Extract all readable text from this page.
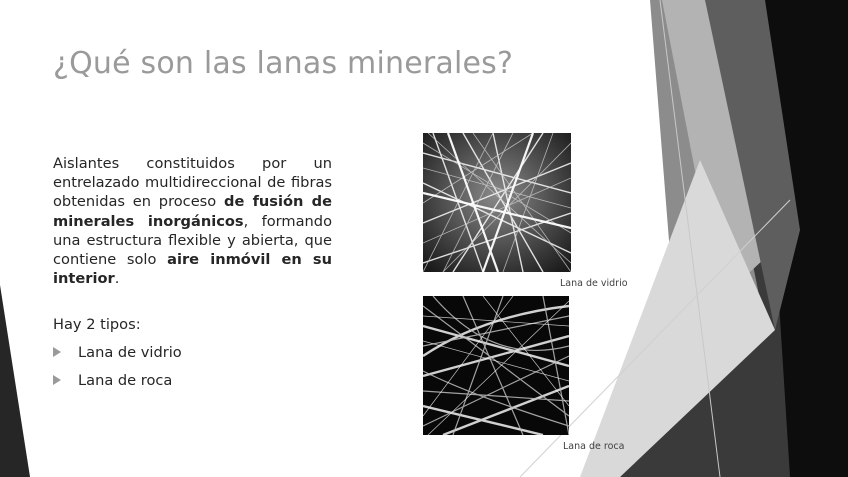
¿Qué son las lanas minerales?
Aislantes constituidos por un entrelazado multidireccional de fibras obtenidas en proceso de fusión de minerales inorgánicos, formando una estructura flexible y abierta, que contiene solo aire inmóvil en su interior.
Hay 2 tipos:
Lana de vidrio
Lana de roca
Lana de vidrio
Lana de roca
